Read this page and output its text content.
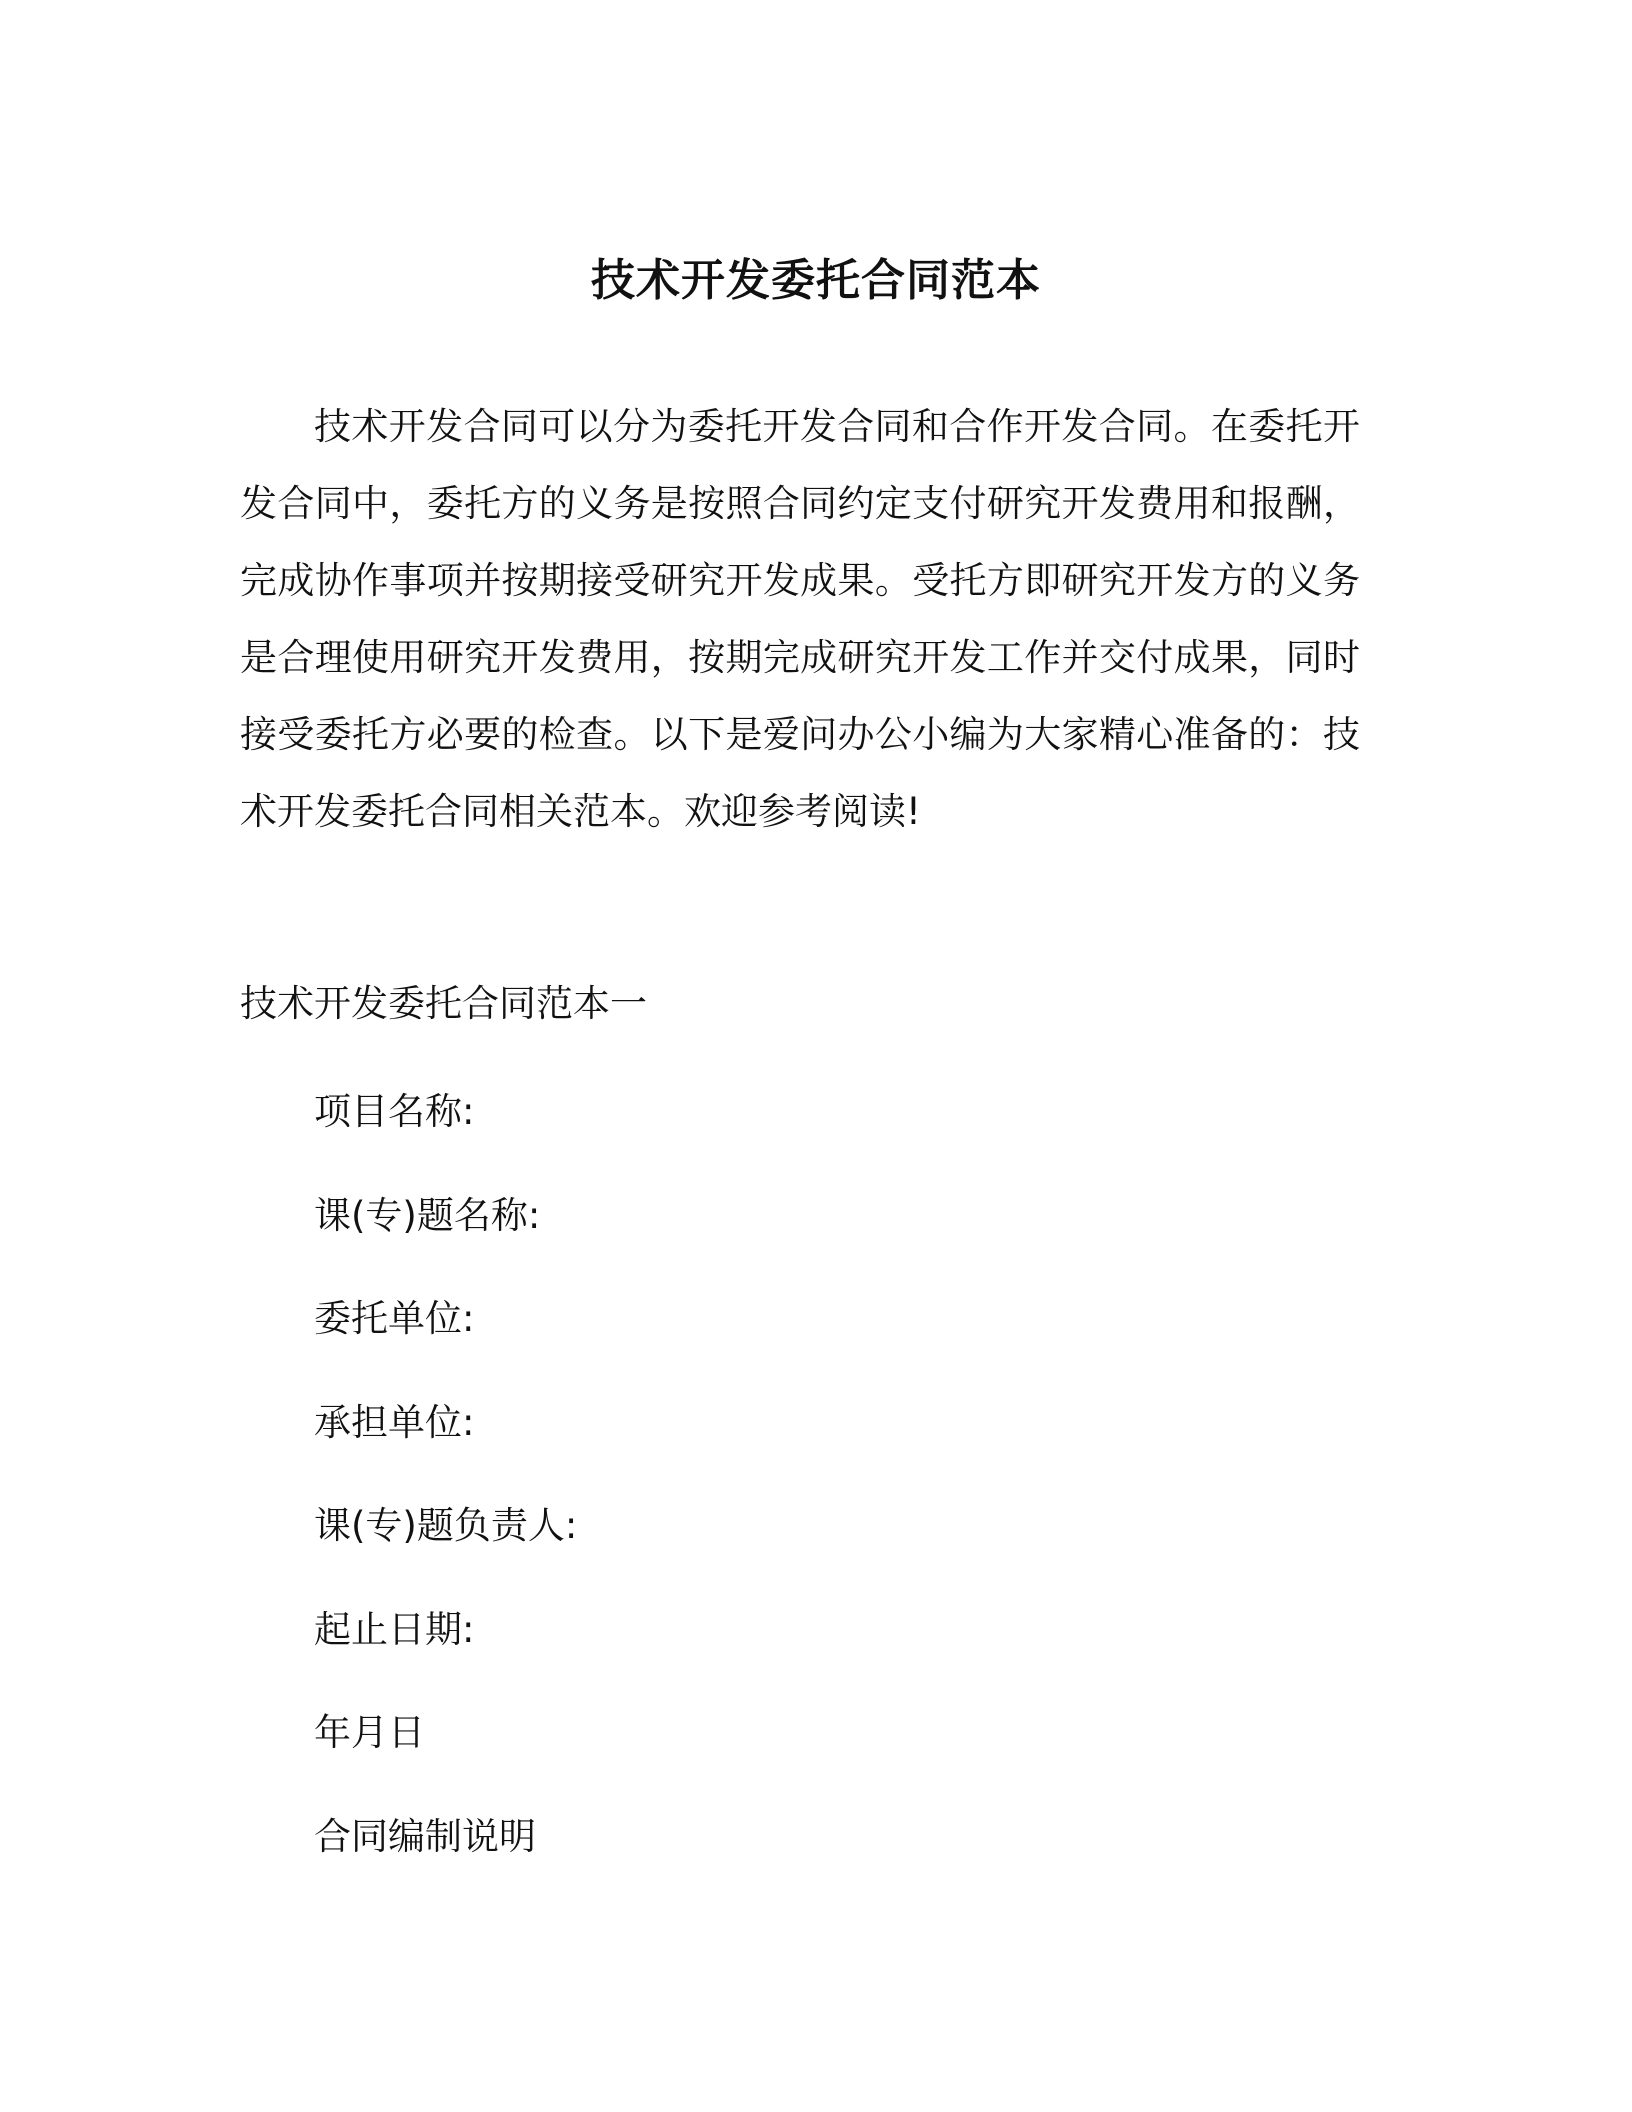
技术开发委托合同范本

技术开发合同可以分为委托开发合同和合作开发合同。在委托开发合同中，委托方的义务是按照合同约定支付研究开发费用和报酬，完成协作事项并按期接受研究开发成果。受托方即研究开发方的义务是合理使用研究开发费用，按期完成研究开发工作并交付成果，同时接受委托方必要的检查。以下是爱问办公小编为大家精心准备的：技术开发委托合同相关范本。欢迎参考阅读!

技术开发委托合同范本一

项目名称:
课(专)题名称:
委托单位:
承担单位:
课(专)题负责人:
起止日期:
年月日
合同编制说明
